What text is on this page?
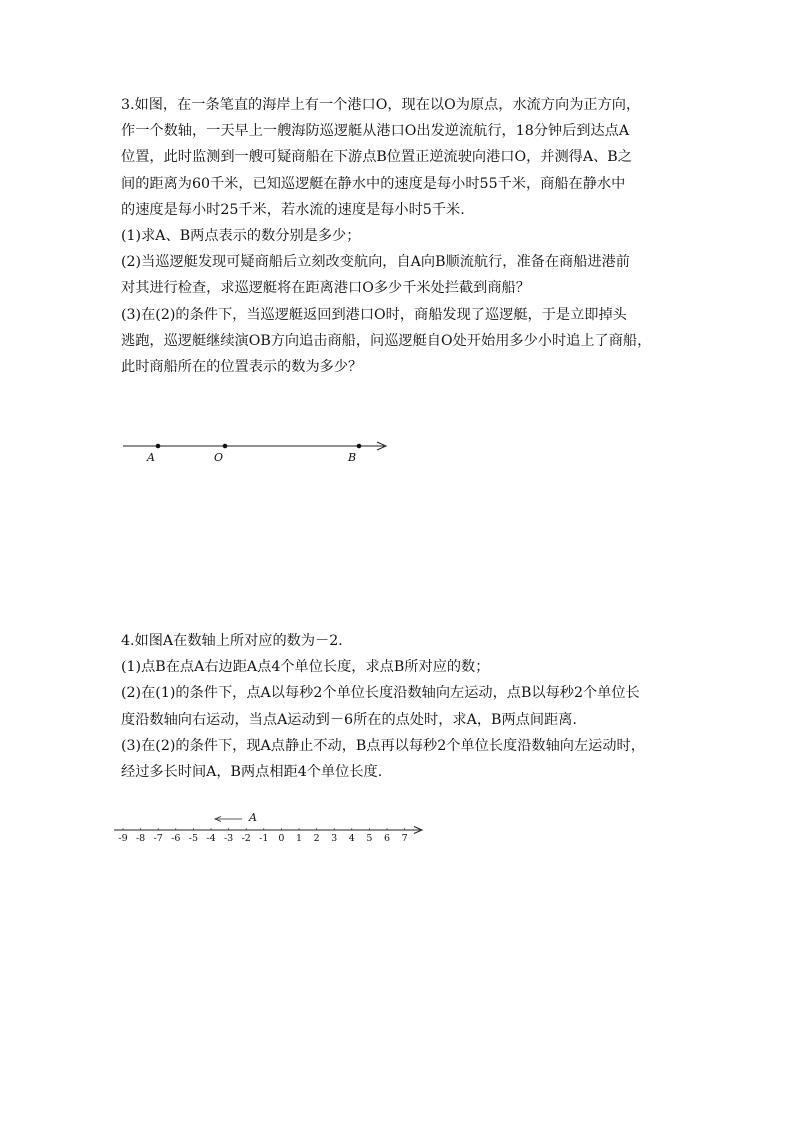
3.如图，在一条笔直的海岸上有一个港口O，现在以O为原点，水流方向为正方向，
作一个数轴，一天早上一艘海防巡逻艇从港口O出发逆流航行，18分钟后到达点A
位置，此时监测到一艘可疑商船在下游点B位置正逆流驶向港口O，并测得A、B之
间的距离为60千米，已知巡逻艇在静水中的速度是每小时55千米，商船在静水中
的速度是每小时25千米，若水流的速度是每小时5千米.
(1)求A、B两点表示的数分别是多少；
(2)当巡逻艇发现可疑商船后立刻改变航向，自A向B顺流航行，准备在商船进港前
对其进行检查，求巡逻艇将在距离港口O多少千米处拦截到商船？
(3)在(2)的条件下，当巡逻艇返回到港口O时，商船发现了巡逻艇，于是立即掉头
逃跑，巡逻艇继续演OB方向追击商船，问巡逻艇自O处开始用多少小时追上了商船，
此时商船所在的位置表示的数为多少？
A	O	B
4.如图A在数轴上所对应的数为－2.
(1)点B在点A右边距A点4个单位长度，求点B所对应的数；
(2)在(1)的条件下，点A以每秒2个单位长度沿数轴向左运动，点B以每秒2个单位长
度沿数轴向右运动，当点A运动到－6所在的点处时，求A，B两点间距离.
(3)在(2)的条件下，现A点静止不动，B点再以每秒2个单位长度沿数轴向左运动时，
经过多长时间A，B两点相距4个单位长度.
A
-9 -8 -7 -6 -5 -4 -3 -2 -1 0 1 2 3 4 5 6 7
